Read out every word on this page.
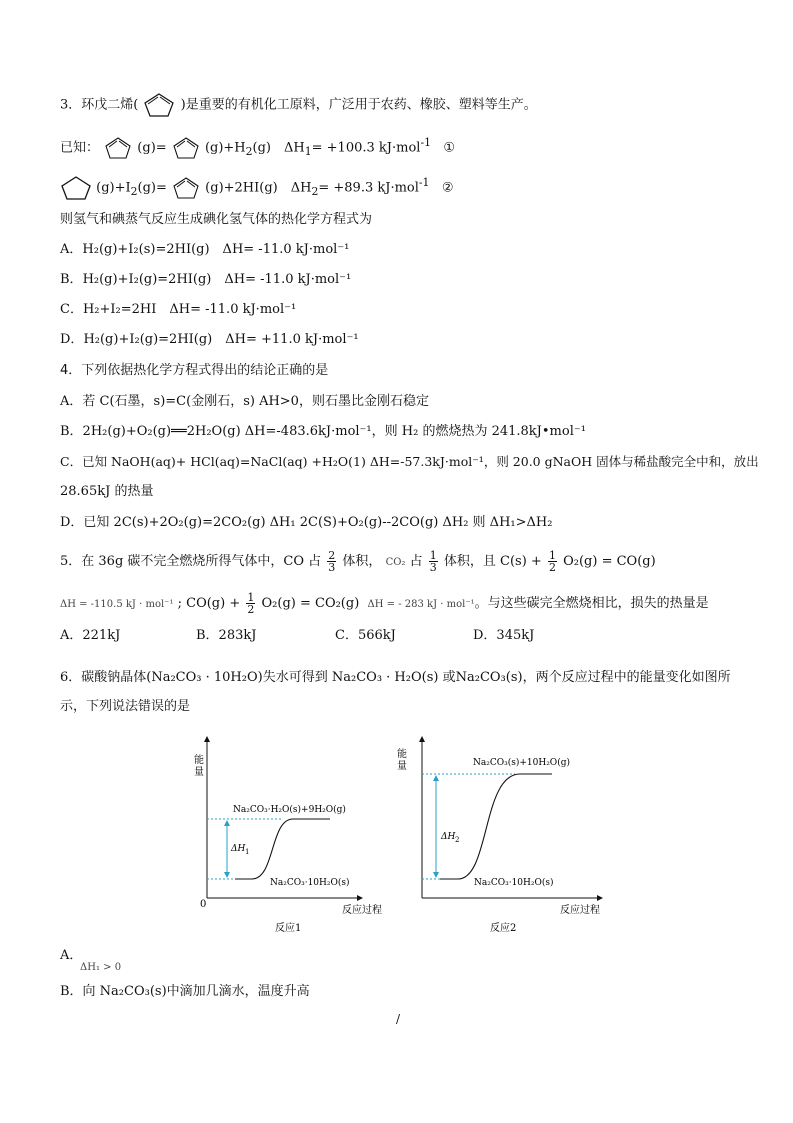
3．环戊二烯(	)是重要的有机化工原料，广泛用于农药、橡胶、塑料等生产。
已知：	(g)=	$(g)+H_2(g)$　$\Delta H_1= +100.3$ kJ·mol$^{-1}$ ①
$(g)+I_2(g)=$	(g)+2HI(g)　$\Delta H_2= +89.3$ kJ·mol$^{-1}$ ②
则氢气和碘蒸气反应生成碘化氢气体的热化学方程式为
A．H₂(g)+I₂(s)=2HI(g)　ΔH= -11.0 kJ·mol⁻¹
B．H₂(g)+I₂(g)=2HI(g)　ΔH= -11.0 kJ·mol⁻¹
C．H₂+I₂=2HI　ΔH= -11.0 kJ·mol⁻¹
D．H₂(g)+I₂(g)=2HI(g)　ΔH= +11.0 kJ·mol⁻¹
4．下列依据热化学方程式得出的结论正确的是
A．若 C(石墨，s)=C(金刚石，s) AH>0，则石墨比金刚石稳定
B．2H₂(g)+O₂(g)══2H₂O(g) ΔH=-483.6kJ·mol⁻¹，则 H₂ 的燃烧热为 241.8kJ•mol⁻¹
C．已知 NaOH(aq)+ HCl(aq)=NaCl(aq) +H₂O(1) ΔH=-57.3kJ·mol⁻¹，则 20.0 gNaOH 固体与稀盐酸完全中和，放出
28.65kJ 的热量
D．已知 2C(s)+2O₂(g)=2CO₂(g) ΔH₁ 2C(S)+O₂(g)--2CO(g) ΔH₂ 则 ΔH₁>ΔH₂
5．在 36g 碳不完全燃烧所得气体中，CO 占 $\frac{2}{3}$ 体积， CO₂ 占 $\frac{1}{3}$ 体积，且 $C(s) + \frac{1}{2} O_2(g) = CO(g)$
ΔH = -110.5 kJ · mol⁻¹ ; $CO(g) + \frac{1}{2} O_2(g) = CO_2(g) \Delta H$ = - 283 kJ · mol⁻¹。与这些碳完全燃烧相比，损失的热量是
A．221kJ	B．283kJ	C．566kJ	D．345kJ
6．碳酸钠晶体(Na₂CO₃ · 10H₂O)失水可得到 Na₂CO₃ · H₂O(s) 或Na₂CO₃(s)，两个反应过程中的能量变化如图所
示，下列说法错误的是
能
量
0
反应过程
Na₂CO₃·H₂O(s)+9H₂O(g)
Na₂CO₃·10H₂O(s)
ΔH 1
反应1
能
量
反应过程
Na₂CO₃(s)+10H₂O(g)
Na₂CO₃·10H₂O(s)
ΔH 2
反应2
A．
ΔH₁ > 0
B．向 Na₂CO₃(s)中滴加几滴水，温度升高
/
